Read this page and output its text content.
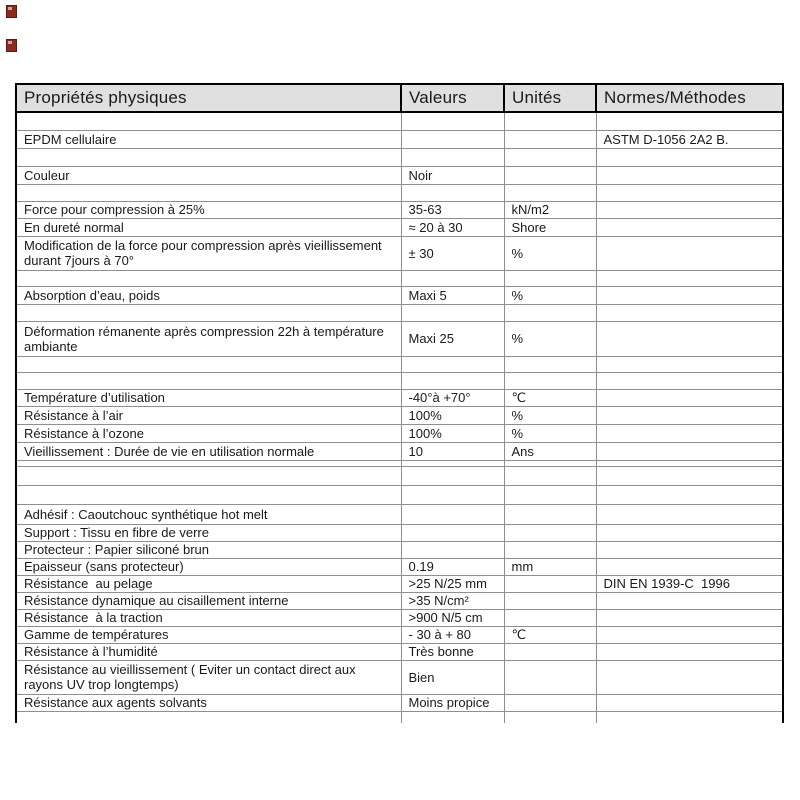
Propriétés physiques	Valeurs	Unités	Normes/Méthodes

EPDM cellulaire			ASTM D-1056 2A2 B.

Couleur	Noir		

Force pour compression à 25%	35-63	kN/m2	
En dureté normal	≈ 20 à 30	Shore	
Modification de la force pour compression après vieillissement durant 7jours à 70°	± 30	%	

Absorption d’eau, poids	Maxi 5	%	

Déformation rémanente après compression 22h à température ambiante	Maxi 25	%	

Température d’utilisation	-40°à +70°	℃	
Résistance à l’air	100%	%	
Résistance à l’ozone	100%	%	
Vieillissement : Durée de vie en utilisation normale	10	Ans	

Adhésif : Caoutchouc synthétique hot melt			
Support : Tissu en fibre de verre			
Protecteur : Papier siliconé brun			
Epaisseur (sans protecteur)	0.19	mm	
Résistance  au pelage	>25 N/25 mm		DIN EN 1939-C  1996
Résistance dynamique au cisaillement interne	>35 N/cm²		
Résistance  à la traction	>900 N/5 cm		
Gamme de températures	- 30 à + 80	℃	
Résistance à l’humidité	Très bonne		
Résistance au vieillissement ( Eviter un contact direct aux rayons UV trop longtemps)	Bien		
Résistance aux agents solvants	Moins propice		
